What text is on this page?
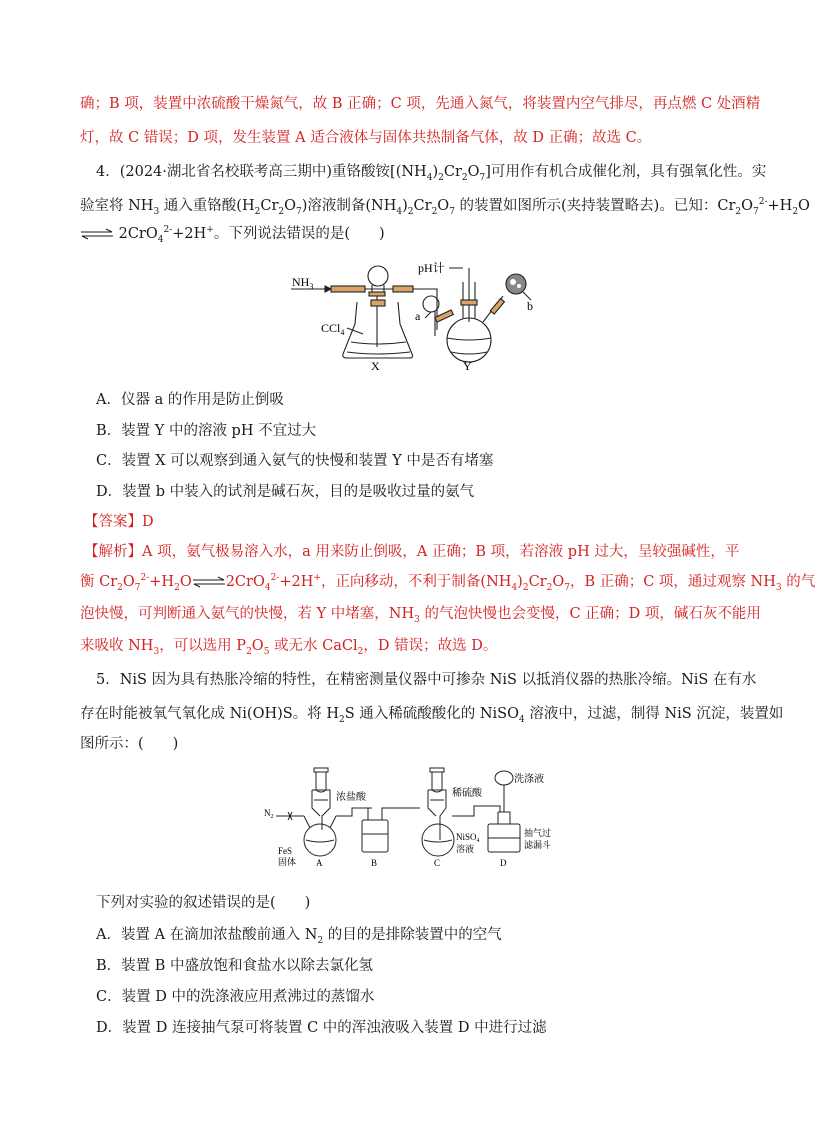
确；B 项，装置中浓硫酸干燥氮气，故 B 正确；C 项，先通入氮气，将装置内空气排尽，再点燃 C 处酒精
灯，故 C 错误；D 项，发生装置 A 适合液体与固体共热制备气体，故 D 正确；故选 C。
4．(2024·湖北省名校联考高三期中)重铬酸铵$[(NH_4)_2Cr_2O_7]$可用作有机合成催化剂，具有强氧化性。实
验室将 $NH_3$ 通入重铬酸$(H_2Cr_2O_7)$溶液制备$(NH_4)_2Cr_2O_7$ 的装置如图所示(夹持装置略去)。已知：$Cr_2O_7^{2-}+H_2O$
⇌ 2CrO$_4^{2-}$+2H+。下列说法错误的是(　　)
$NH_3$
pH计
CCl$_4$
a
b
X	Y
A．仪器 a 的作用是防止倒吸
B．装置 Y 中的溶液 pH 不宜过大
C．装置 X 可以观察到通入氨气的快慢和装置 Y 中是否有堵塞
D．装置 b 中装入的试剂是碱石灰，目的是吸收过量的氨气
【答案】D
【解析】A 项，氨气极易溶入水，a 用来防止倒吸，A 正确；B 项，若溶液 pH 过大，呈较强碱性，平
衡 $Cr_2O_7^{2-}+H_2O\rightleftharpoons 2CrO_4^{2-}+2H^+$，正向移动，不利于制备$(NH_4)_2Cr_2O_7$，B 正确；C 项，通过观察 $NH_3$ 的气
泡快慢，可判断通入氨气的快慢，若 Y 中堵塞，$NH_3$ 的气泡快慢也会变慢，C 正确；D 项，碱石灰不能用
来吸收 $NH_3$，可以选用 $P_2O_5$ 或无水 CaCl$_2$，D 错误；故选 D。
5．NiS 因为具有热胀冷缩的特性，在精密测量仪器中可掺杂 NiS 以抵消仪器的热胀冷缩。NiS 在有水
存在时能被氧气氧化成 Ni(OH)S。将 $H_2S$ 通入稀硫酸酸化的 NiSO$_4$ 溶液中，过滤，制得 NiS 沉淀，装置如
图所示：(　　)
$N_2$
浓盐酸	稀硫酸
洗涤液
FeS
固体
NiSO$_4$
溶液
抽气过
滤漏斗
A	B	C	D
下列对实验的叙述错误的是(　　)
A．装置 A 在滴加浓盐酸前通入 $N_2$ 的目的是排除装置中的空气
B．装置 B 中盛放饱和食盐水以除去氯化氢
C．装置 D 中的洗涤液应用煮沸过的蒸馏水
D．装置 D 连接抽气泵可将装置 C 中的浑浊液吸入装置 D 中进行过滤
